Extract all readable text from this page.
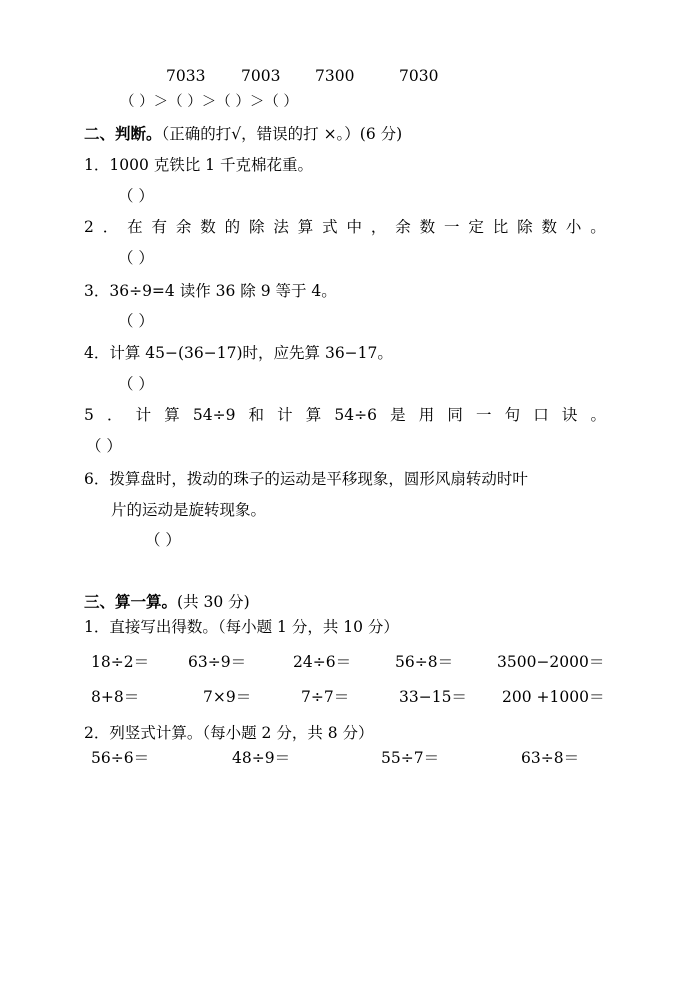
7033 7003 7300	7030
（ ）＞（ ）＞（ ）＞（ ）
二、判断。（正确的打√，错误的打 ×。）(6 分)
1．1000 克铁比 1 千克棉花重。
（ ）
2 ． 在 有 余 数 的 除 法 算 式 中 ， 余 数 一 定 比 除 数 小 。
（ ）
3．36÷9=4 读作 36 除 9 等于 4。
（ ）
4．计算 45−(36−17)时，应先算 36−17。
（ ）
5 ． 计 算 54÷9 和 计 算 54÷6 是 用 同 一 句 口 诀 。
（ ）
6．拨算盘时，拨动的珠子的运动是平移现象，圆形风扇转动时叶
片的运动是旋转现象。
（ ）
三、算一算。(共 30 分)
1．直接写出得数。（每小题 1 分，共 10 分）
18÷2＝	63÷9＝	24÷6＝	56÷8＝	3500−2000＝
8+8＝	7×9＝	7÷7＝	33−15＝ 200 +1000＝
2．列竖式计算。（每小题 2 分，共 8 分）
56÷6＝	48÷9＝	55÷7＝	63÷8＝
